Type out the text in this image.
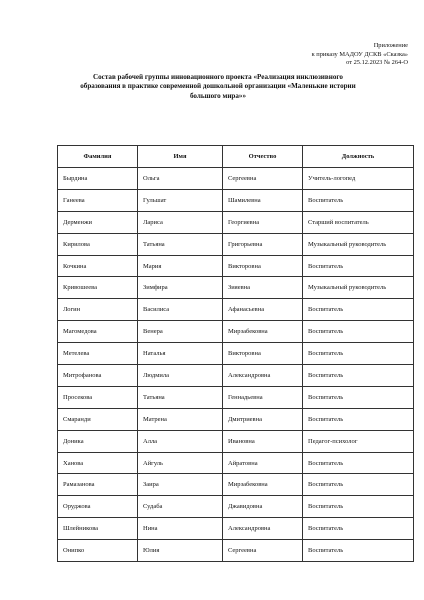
Приложение
к приказу МАДОУ ДСКВ «Сказка»
от 25.12.2023 № 264-О
Состав рабочей группы инновационного проекта «Реализация инклюзивного
образования в практике современной дошкольной организации «Маленькие истории
большого мира»»
Фамилия	Имя	Отчество	Должность
Бырдина	Ольга	Сергеевна	Учитель-логопед
Ганеева	Гульшат	Шамилевна	Воспитатель
Дерменжи	Лариса	Георгиевна	Старший воспитатель
Кирилова	Татьяна	Григорьевна	Музыкальный руководитель
Кочкина	Мария	Викторовна	Воспитатель
Кривошеева	Зимфира	Зияевна	Музыкальный руководитель
Логин	Василиса	Афанасьевна	Воспитатель
Магомедова	Венера	Мирзабековна	Воспитатель
Метелева	Наталья	Викторовна	Воспитатель
Митрофанова	Людмила	Александровна	Воспитатель
Просекова	Татьяна	Геннадьевна	Воспитатель
Смаранди	Матрена	Дмитриевна	Воспитатель
Доника	Алла	Ивановна	Педагог-психолог
Ханова	Айгуль	Айратовна	Воспитатель
Рамазанова	Заира	Мирзабековна	Воспитатель
Оруджова	Судаба	Джавидовна	Воспитатель
Шлейникова	Нина	Александровна	Воспитатель
Онипко	Юлия	Сергеевна	Воспитатель
